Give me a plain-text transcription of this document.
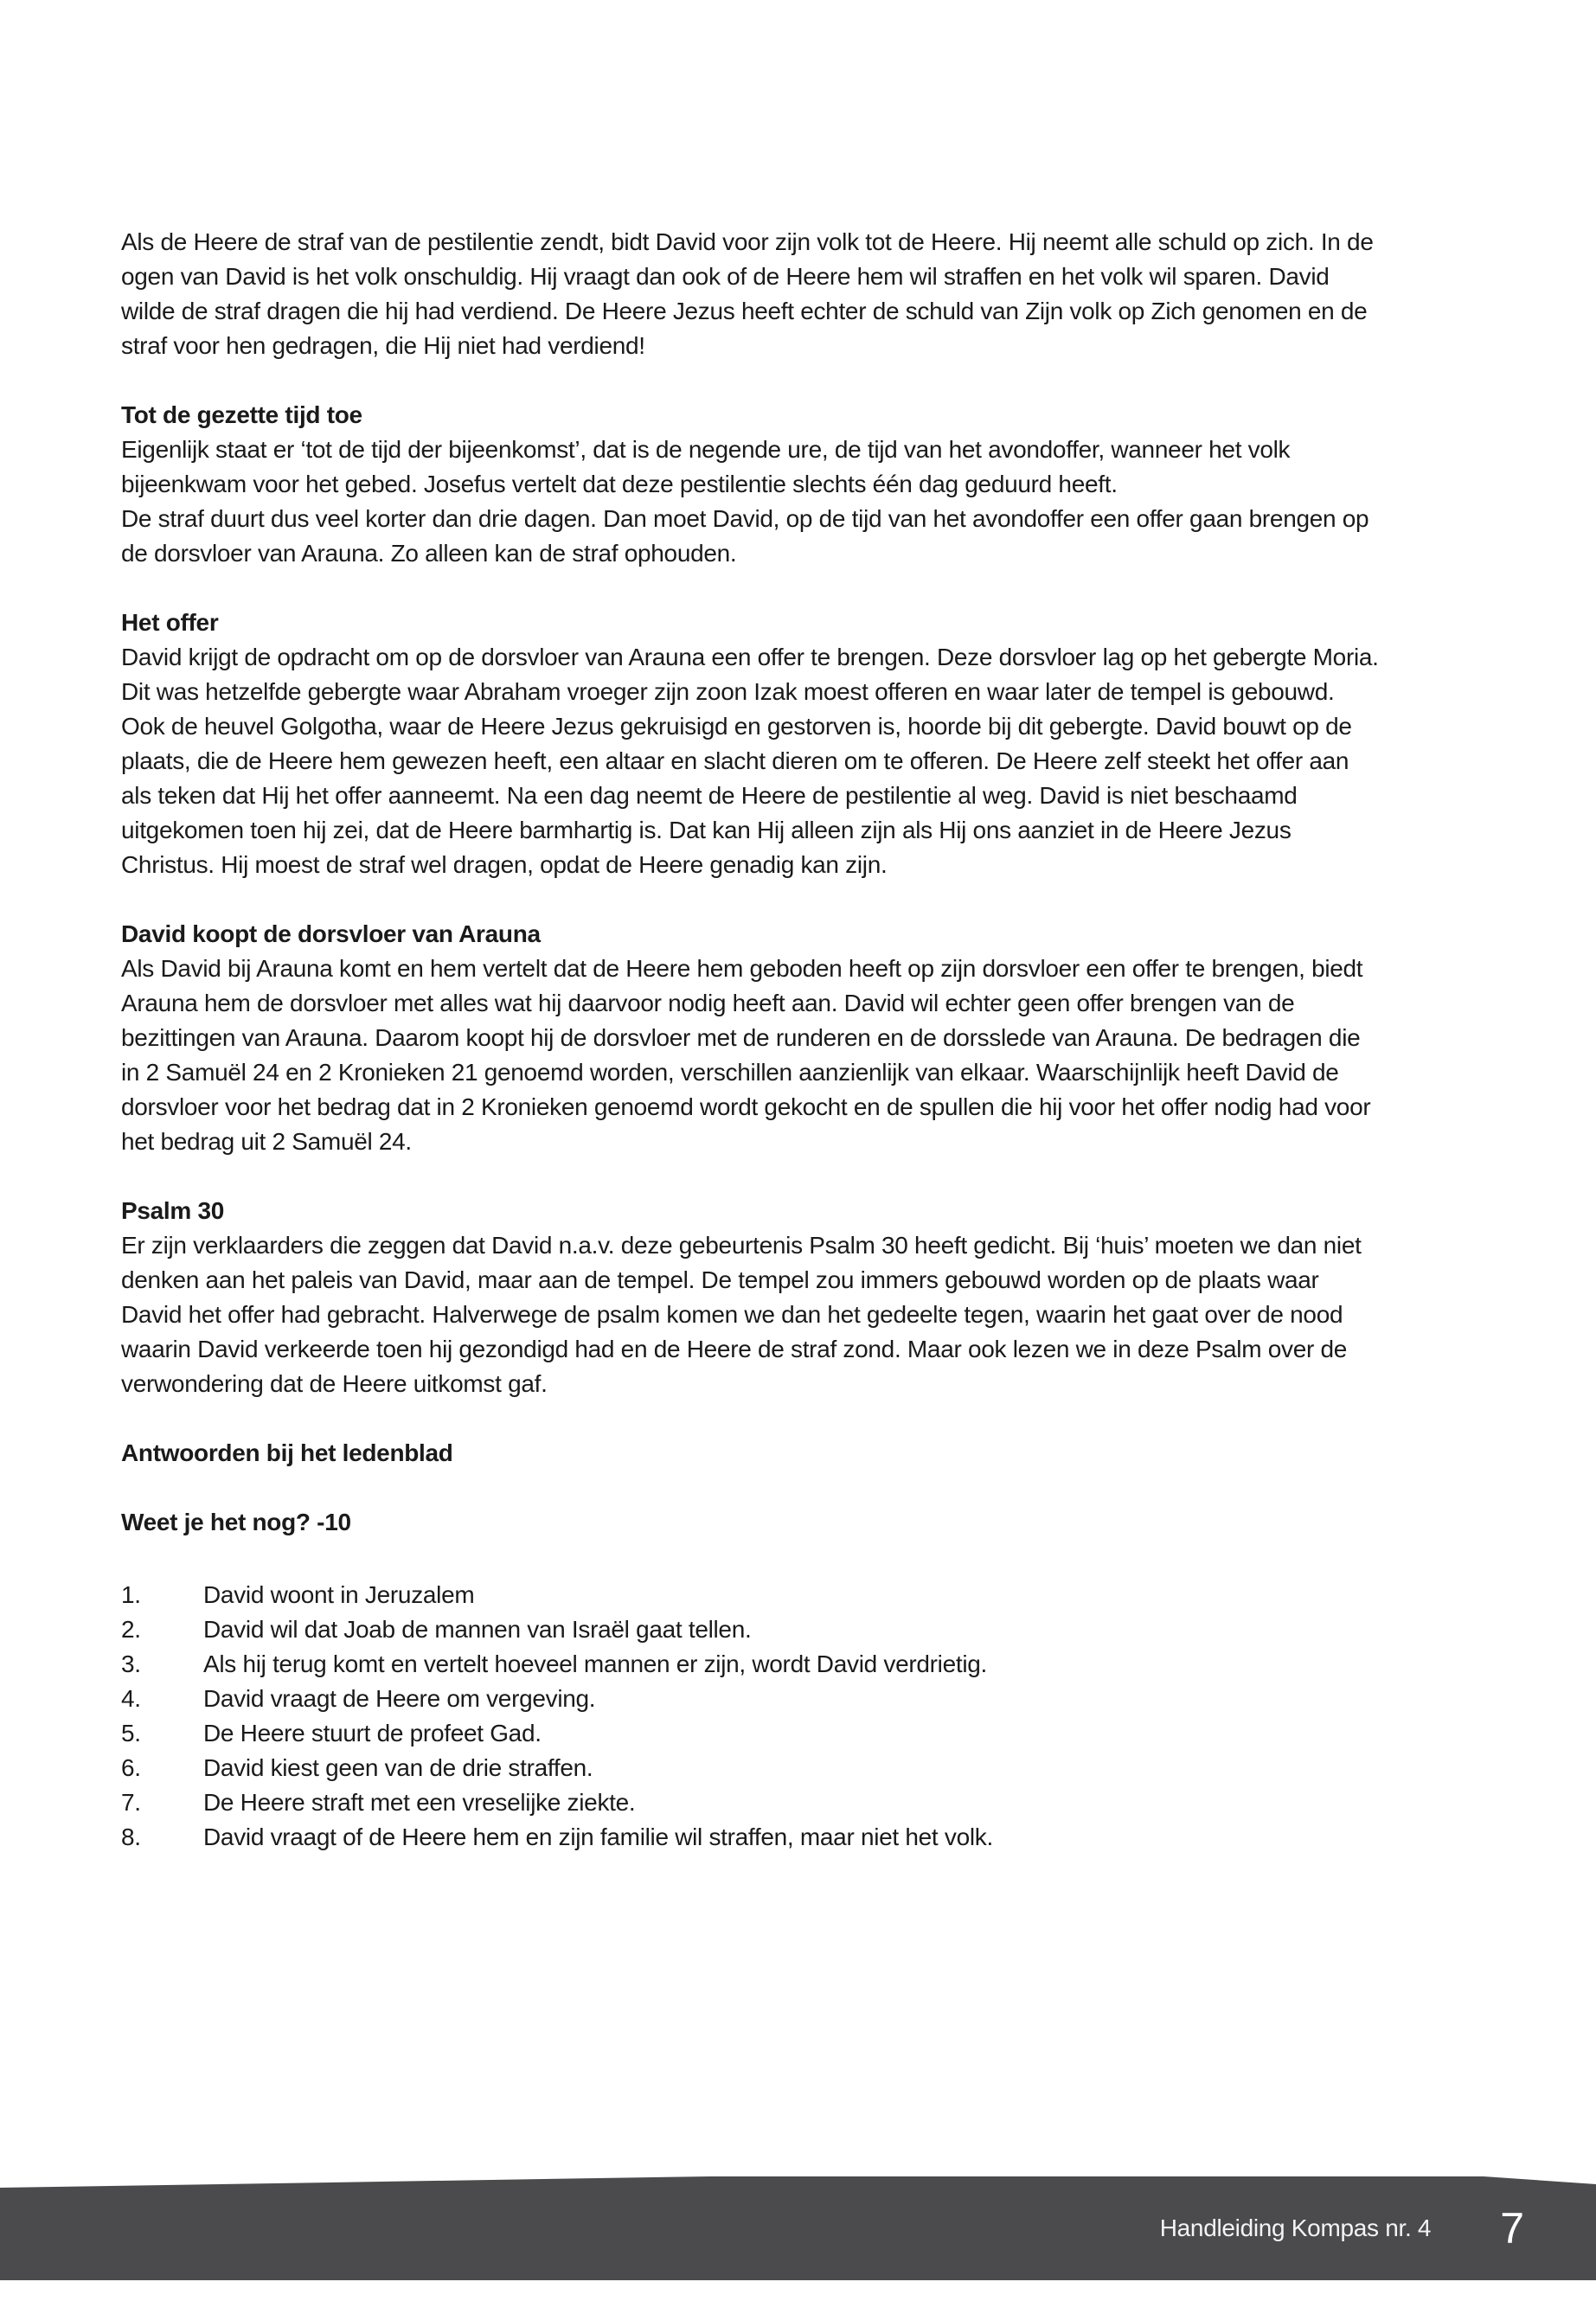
Als de Heere de straf van de pestilentie zendt, bidt David voor zijn volk tot de Heere. Hij neemt alle schuld op zich. In de ogen van David is het volk onschuldig. Hij vraagt dan ook of de Heere hem wil straffen en het volk wil sparen. David wilde de straf dragen die hij had verdiend. De Heere Jezus heeft echter de schuld van Zijn volk op Zich genomen en de straf voor hen gedragen, die Hij niet had verdiend!

Tot de gezette tijd toe

Eigenlijk staat er ‘tot de tijd der bijeenkomst’, dat is de negende ure, de tijd van het avondoffer, wanneer het volk bijeenkwam voor het gebed. Josefus vertelt dat deze pestilentie slechts één dag geduurd heeft.

De straf duurt dus veel korter dan drie dagen. Dan moet David, op de tijd van het avondoffer een offer gaan brengen op de dorsvloer van Arauna. Zo alleen kan de straf ophouden.

Het offer

David krijgt de opdracht om op de dorsvloer van Arauna een offer te brengen. Deze dorsvloer lag op het gebergte Moria. Dit was hetzelfde gebergte waar Abraham vroeger zijn zoon Izak moest offeren en waar later de tempel is gebouwd. Ook de heuvel Golgotha, waar de Heere Jezus gekruisigd en gestorven is, hoorde bij dit gebergte. David bouwt op de plaats, die de Heere hem gewezen heeft, een altaar en slacht dieren om te offeren. De Heere zelf steekt het offer aan als teken dat Hij het offer aanneemt. Na een dag neemt de Heere de pestilentie al weg. David is niet beschaamd uitgekomen toen hij zei, dat de Heere barmhartig is. Dat kan Hij alleen zijn als Hij ons aanziet in de Heere Jezus Christus. Hij moest de straf wel dragen, opdat de Heere genadig kan zijn.

David koopt de dorsvloer van Arauna

Als David bij Arauna komt en hem vertelt dat de Heere hem geboden heeft op zijn dorsvloer een offer te brengen, biedt Arauna hem de dorsvloer met alles wat hij daarvoor nodig heeft aan. David wil echter geen offer brengen van de bezittingen van Arauna. Daarom koopt hij de dorsvloer met de runderen en de dorsslede van Arauna. De bedragen die in 2 Samuël 24 en 2 Kronieken 21 genoemd worden, verschillen aanzienlijk van elkaar. Waarschijnlijk heeft David de dorsvloer voor het bedrag dat in 2 Kronieken genoemd wordt gekocht en de spullen die hij voor het offer nodig had voor het bedrag uit 2 Samuël 24.

Psalm 30

Er zijn verklaarders die zeggen dat David n.a.v. deze gebeurtenis Psalm 30 heeft gedicht. Bij ‘huis’ moeten we dan niet denken aan het paleis van David, maar aan de tempel. De tempel zou immers gebouwd worden op de plaats waar David het offer had gebracht. Halverwege de psalm komen we dan het gedeelte tegen, waarin het gaat over de nood waarin David verkeerde toen hij gezondigd had en de Heere de straf zond. Maar ook lezen we in deze Psalm over de verwondering dat de Heere uitkomst gaf.

Antwoorden bij het ledenblad
Weet je het nog? -10
1.	David woont in Jeruzalem
2.	David wil dat Joab de mannen van Israël gaat tellen.
3.	Als hij terug komt en vertelt hoeveel mannen er zijn, wordt David verdrietig.
4.	David vraagt de Heere om vergeving.
5.	De Heere stuurt de profeet Gad.
6.	David kiest geen van de drie straffen.
7.	De Heere straft met een vreselijke ziekte.
8.	David vraagt of de Heere hem en zijn familie wil straffen, maar niet het volk.
Handleiding Kompas nr. 4 7
